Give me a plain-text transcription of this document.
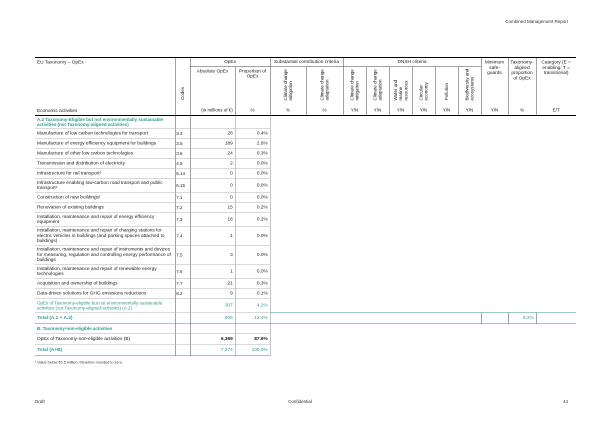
Combined Management Report
EU Taxonomy – OpEx
Economic activities	Codes	OpEx		Substantial contribution criteria		DNSH criteria						Minimum safe-guards	Taxonomy-aligned proportion of OpEx	Category (E = enabling; T = transitional)
		Absolute OpEx	Proportion of OpEx	Climate change mitigation	Climate change adaptation	Climate change mitigation	Climate change adaptation	Water and marine resources	Circular economy	Pollution	Biodiversity and ecosystems			
		(in millions of €)	%	%	%	Y/N	Y/N	Y/N	Y/N	Y/N	Y/N	Y/N	%	E/T
A.2 Taxonomy-Eligible but not environmentally sustainable activities (not Taxonomy-aligned activities)														
Manufacture of low carbon technologies for transport	3.3	26	0.4%											
Manufacture of energy efficiency equipment for buildings	3.5	189	2.6%											
Manufacture of other low carbon technologies	3.6	24	0.3%											
Transmission and distribution of electricity	4.9	2	0.0%											
Infrastructure for rail transport¹	6.14	0	0.0%											
Infrastructure enabling low-carbon road transport and public transport¹	6.15	0	0.0%											
Construction of new buildings¹	7.1	0	0.0%											
Renovation of existing buildings	7.2	15	0.2%											
Installation, maintenance and repair of energy efficiency equipment	7.3	16	0.2%											
Installation, maintenance and repair of charging stations for electric vehicles in buildings (and parking spaces attached to buildings)	7.4	1	0.0%											
Installation, maintenance and repair of instruments and devices for measuring, regulation and controlling energy performance of buildings	7.5	3	0.0%											
Installation, maintenance and repair of renewable energy technologies	7.6	1	0.0%											
Acquisition and ownership of buildings	7.7	21	0.3%											
Data-driven solutions for GHG emissions reductions	8.2	9	0.1%											
OpEx of Taxonomy-eligible but not environmentally sustainable activities (not Taxonomy-aligned activities) (A.2)		307	4.2%											
Total (A.1 + A.2)		905	12.4%										8.2%	
B. Taxonomy-non-eligible activities														
OpEx of Taxonomy-non-eligible activities (B)		6,369	87.6%											
Total (A+B)		7,274	100.0%											
¹ Value below €0.5 million; therefore rounded to zero.
Confidential
Draft	44
